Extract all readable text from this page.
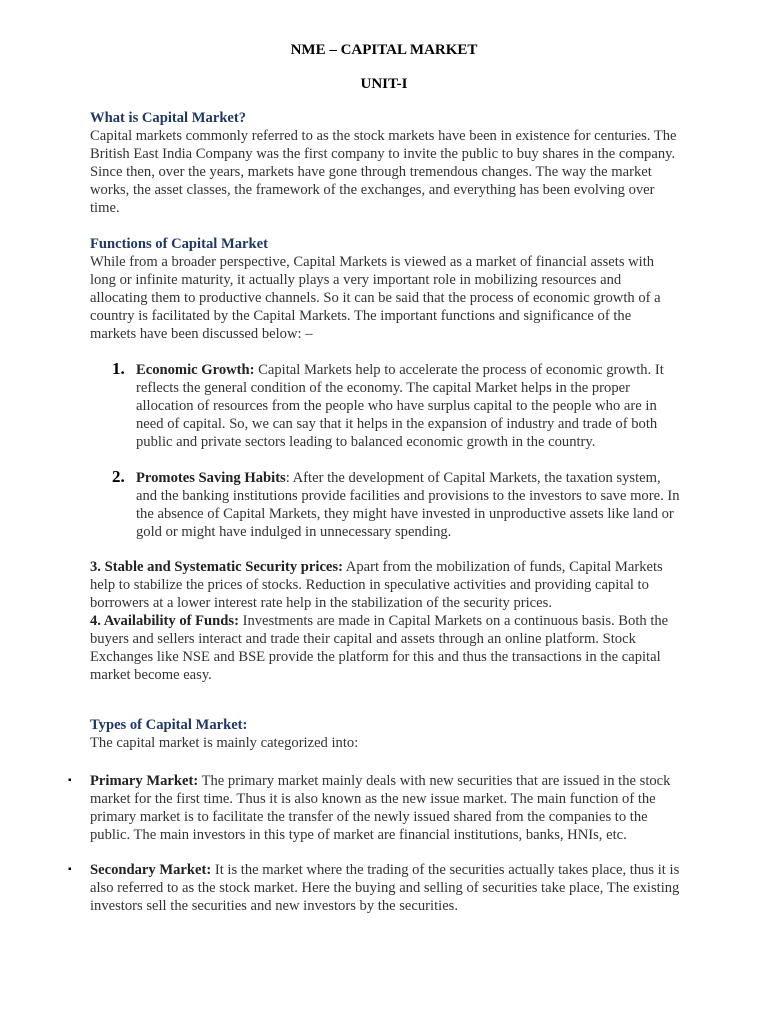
NME – CAPITAL MARKET
UNIT-I

What is Capital Market?

Capital markets commonly referred to as the stock markets have been in existence for centuries. The British East India Company was the first company to invite the public to buy shares in the company. Since then, over the years, markets have gone through tremendous changes. The way the market works, the asset classes, the framework of the exchanges, and everything has been evolving over time.

Functions of Capital Market

While from a broader perspective, Capital Markets is viewed as a market of financial assets with long or infinite maturity, it actually plays a very important role in mobilizing resources and allocating them to productive channels. So it can be said that the process of economic growth of a country is facilitated by the Capital Markets. The important functions and significance of the markets have been discussed below: –

1. Economic Growth: Capital Markets help to accelerate the process of economic growth. It reflects the general condition of the economy. The capital Market helps in the proper allocation of resources from the people who have surplus capital to the people who are in need of capital. So, we can say that it helps in the expansion of industry and trade of both public and private sectors leading to balanced economic growth in the country.

2. Promotes Saving Habits: After the development of Capital Markets, the taxation system, and the banking institutions provide facilities and provisions to the investors to save more. In the absence of Capital Markets, they might have invested in unproductive assets like land or gold or might have indulged in unnecessary spending.

3. Stable and Systematic Security prices: Apart from the mobilization of funds, Capital Markets help to stabilize the prices of stocks. Reduction in speculative activities and providing capital to borrowers at a lower interest rate help in the stabilization of the security prices.

4. Availability of Funds: Investments are made in Capital Markets on a continuous basis. Both the buyers and sellers interact and trade their capital and assets through an online platform. Stock Exchanges like NSE and BSE provide the platform for this and thus the transactions in the capital market become easy.

Types of Capital Market:

The capital market is mainly categorized into:

▪ Primary Market: The primary market mainly deals with new securities that are issued in the stock market for the first time. Thus it is also known as the new issue market. The main function of the primary market is to facilitate the transfer of the newly issued shared from the companies to the public. The main investors in this type of market are financial institutions, banks, HNIs, etc.

▪ Secondary Market: It is the market where the trading of the securities actually takes place, thus it is also referred to as the stock market. Here the buying and selling of securities take place, The existing investors sell the securities and new investors by the securities.
